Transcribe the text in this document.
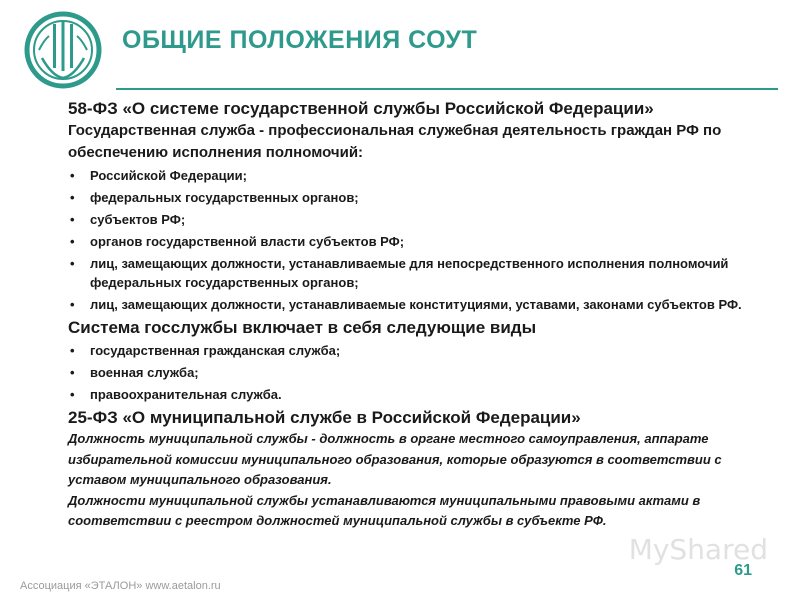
ОБЩИЕ ПОЛОЖЕНИЯ СОУТ
58-ФЗ «О системе государственной службы Российской Федерации»

Государственная служба - профессиональная служебная деятельность граждан РФ по обеспечению исполнения полномочий:

• Российской Федерации;
• федеральных государственных органов;
• субъектов РФ;
• органов государственной власти субъектов РФ;
• лиц, замещающих должности, устанавливаемые для непосредственного исполнения полномочий федеральных государственных органов;
• лиц, замещающих должности, устанавливаемые конституциями, уставами, законами субъектов РФ.
Система госслужбы включает в себя следующие виды
• государственная гражданская служба;
• военная служба;
• правоохранительная служба.
25-ФЗ «О муниципальной службе в Российской Федерации»

Должность муниципальной службы - должность в органе местного самоуправления, аппарате избирательной комиссии муниципального образования, которые образуются в соответствии с уставом муниципального образования.

Должности муниципальной службы устанавливаются муниципальными правовыми актами в соответствии с реестром должностей муниципальной службы в субъекте РФ.

MyShared
61
Ассоциация «ЭТАЛОН» www.aetalon.ru
